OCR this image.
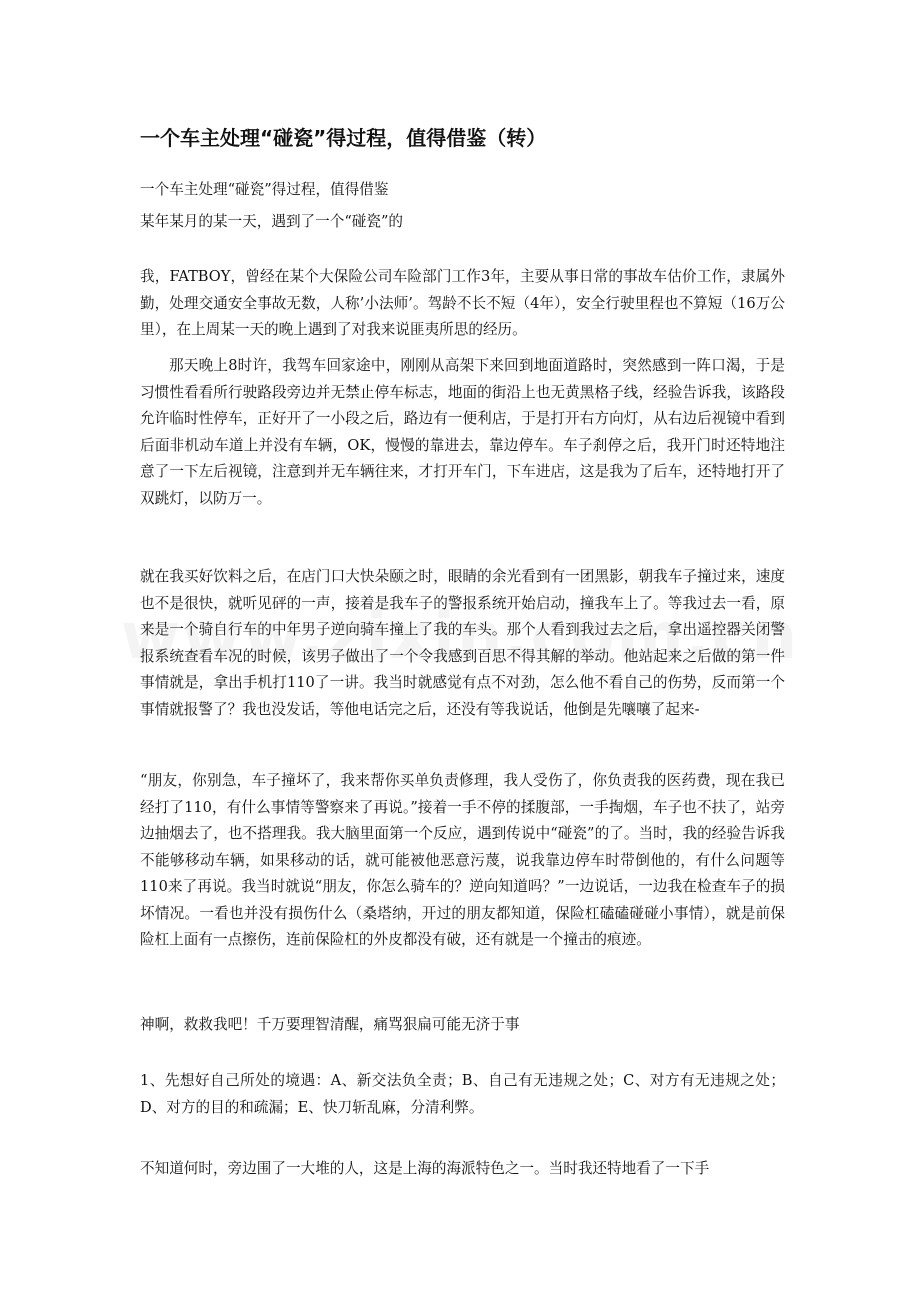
一个车主处理“碰瓷”得过程，值得借鉴（转）

一个车主处理“碰瓷”得过程，值得借鉴

某年某月的某一天，遇到了一个“碰瓷”的

我，FATBOY，曾经在某个大保险公司车险部门工作3年，主要从事日常的事故车估价工作，隶属外勤，处理交通安全事故无数，人称’小法师’。驾龄不长不短（4年），安全行驶里程也不算短（16万公里），在上周某一天的晚上遇到了对我来说匪夷所思的经历。

那天晚上8时许，我驾车回家途中，刚刚从高架下来回到地面道路时，突然感到一阵口渴，于是习惯性看看所行驶路段旁边并无禁止停车标志，地面的街沿上也无黄黑格子线，经验告诉我，该路段允许临时性停车，正好开了一小段之后，路边有一便利店，于是打开右方向灯，从右边后视镜中看到后面非机动车道上并没有车辆，OK，慢慢的靠进去，靠边停车。车子刹停之后，我开门时还特地注意了一下左后视镜，注意到并无车辆往来，才打开车门，下车进店，这是我为了后车，还特地打开了双跳灯，以防万一。

就在我买好饮料之后，在店门口大快朵颐之时，眼睛的余光看到有一团黑影，朝我车子撞过来，速度也不是很快，就听见砰的一声，接着是我车子的警报系统开始启动，撞我车上了。等我过去一看，原来是一个骑自行车的中年男子逆向骑车撞上了我的车头。那个人看到我过去之后，拿出遥控器关闭警报系统查看车况的时候，该男子做出了一个令我感到百思不得其解的举动。他站起来之后做的第一件事情就是，拿出手机打110了一讲。我当时就感觉有点不对劲，怎么他不看自己的伤势，反而第一个事情就报警了？我也没发话，等他电话完之后，还没有等我说话，他倒是先嚷嚷了起来-

“朋友，你别急，车子撞坏了，我来帮你买单负责修理，我人受伤了，你负责我的医药费，现在我已经打了110，有什么事情等警察来了再说。”接着一手不停的揉腹部，一手掏烟，车子也不扶了，站旁边抽烟去了，也不搭理我。我大脑里面第一个反应，遇到传说中“碰瓷”的了。当时，我的经验告诉我不能够移动车辆，如果移动的话，就可能被他恶意污蔑，说我靠边停车时带倒他的，有什么问题等110来了再说。我当时就说“朋友，你怎么骑车的？逆向知道吗？”一边说话，一边我在检查车子的损坏情况。一看也并没有损伤什么（桑塔纳，开过的朋友都知道，保险杠磕磕碰碰小事情），就是前保险杠上面有一点擦伤，连前保险杠的外皮都没有破，还有就是一个撞击的痕迹。

神啊，救救我吧！千万要理智清醒，痛骂狠扁可能无济于事

1、先想好自己所处的境遇：A、新交法负全责；B、自己有无违规之处；C、对方有无违规之处；D、对方的目的和疏漏；E、快刀斩乱麻，分清利弊。

不知道何时，旁边围了一大堆的人，这是上海的海派特色之一。当时我还特地看了一下手
